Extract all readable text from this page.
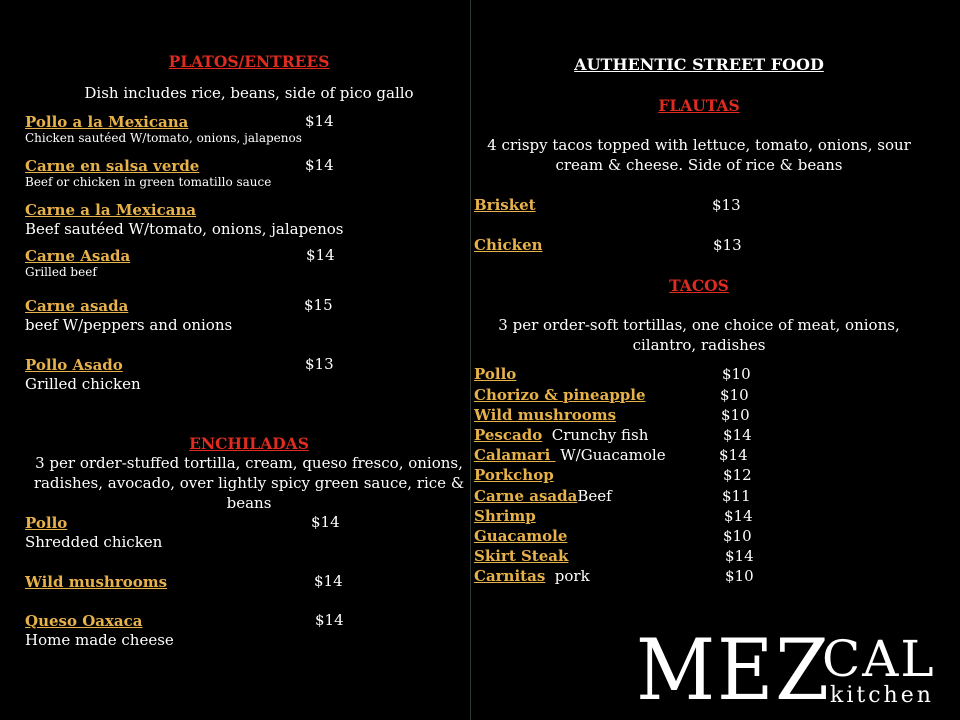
PLATOS/ENTREES
Dish includes rice, beans, side of pico gallo
Pollo a la Mexicana	$14
Chicken sautéed W/tomato, onions, jalapenos
Carne en salsa verde	$14
Beef or chicken in green tomatillo sauce
Carne a la Mexicana
Beef sautéed W/tomato, onions, jalapenos
Carne Asada	$14
Grilled beef
Carne asada	$15
beef W/peppers and onions
Pollo Asado	$13
Grilled chicken
ENCHILADAS
3 per order-stuffed tortilla, cream, queso fresco, onions, radishes, avocado, over lightly spicy green sauce, rice & beans
Pollo	$14
Shredded chicken
Wild mushrooms	$14
Queso Oaxaca	$14
Home made cheese
AUTHENTIC STREET FOOD
FLAUTAS
4 crispy tacos topped with lettuce, tomato, onions, sour cream & cheese. Side of rice & beans
Brisket	$13
Chicken	$13
TACOS
3 per order-soft tortillas, one choice of meat, onions, cilantro, radishes
Pollo	$10
Chorizo & pineapple	$10
Wild mushrooms	$10
Pescado  Crunchy fish	$14
Calamari  W/Guacamole	$14
Porkchop	$12
Carne asadaBeef	$11
Shrimp	$14
Guacamole	$10
Skirt Steak	$14
Carnitas  pork	$10
MEZ
CAL
kitchen
